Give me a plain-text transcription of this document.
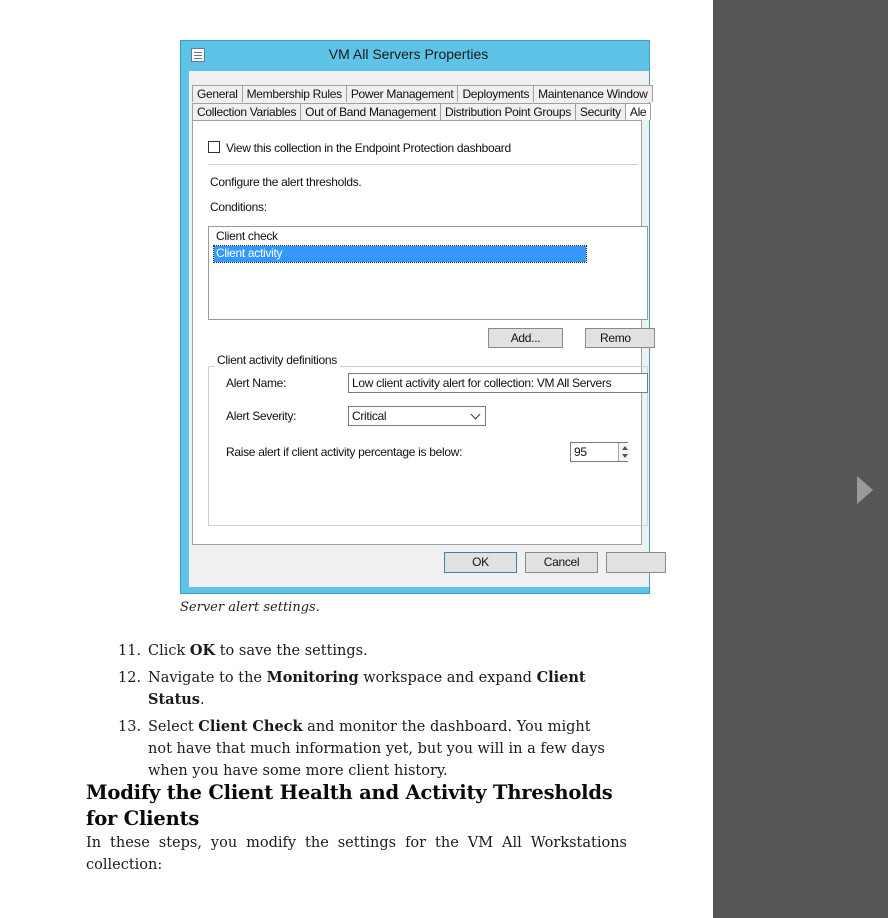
VM All Servers Properties
General Membership Rules Power Management Deployments Maintenance Window
Collection Variables Out of Band Management Distribution Point Groups Security Ale
View this collection in the Endpoint Protection dashboard
Configure the alert thresholds.
Conditions:
Client check
Client activity
Add...	Remo
Client activity definitions
Alert Name:	Low client activity alert for collection: VM All Servers
Alert Severity:	Critical
Raise alert if client activity percentage is below:	95
OK	Cancel
Server alert settings.
11. Click OK to save the settings.
12. Navigate to the Monitoring workspace and expand Client Status.
13. Select Client Check and monitor the dashboard. You might not have that much information yet, but you will in a few days when you have some more client history.
Modify the Client Health and Activity Thresholds for Clients
In these steps, you modify the settings for the VM All Workstations collection:
